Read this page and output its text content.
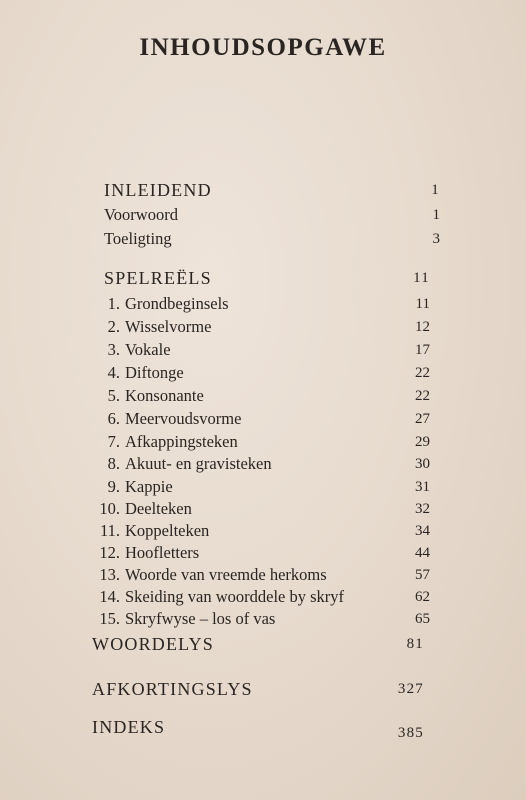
INHOUDSOPGAWE
INLEIDEND	1
Voorwoord	1
Toeligting	3
SPELREËLS	11
1. Grondbeginsels	11
2. Wisselvorme	12
3. Vokale	17
4. Diftonge	22
5. Konsonante	22
6. Meervoudsvorme	27
7. Afkappingsteken	29
8. Akuut- en gravisteken	30
9. Kappie	31
10. Deelteken	32
11. Koppelteken	34
12. Hoofletters	44
13. Woorde van vreemde herkoms	57
14. Skeiding van woorddele by skryf	62
15. Skryfwyse – los of vas	65
WOORDELYS	81
AFKORTINGSLYS	327
INDEKS	385
